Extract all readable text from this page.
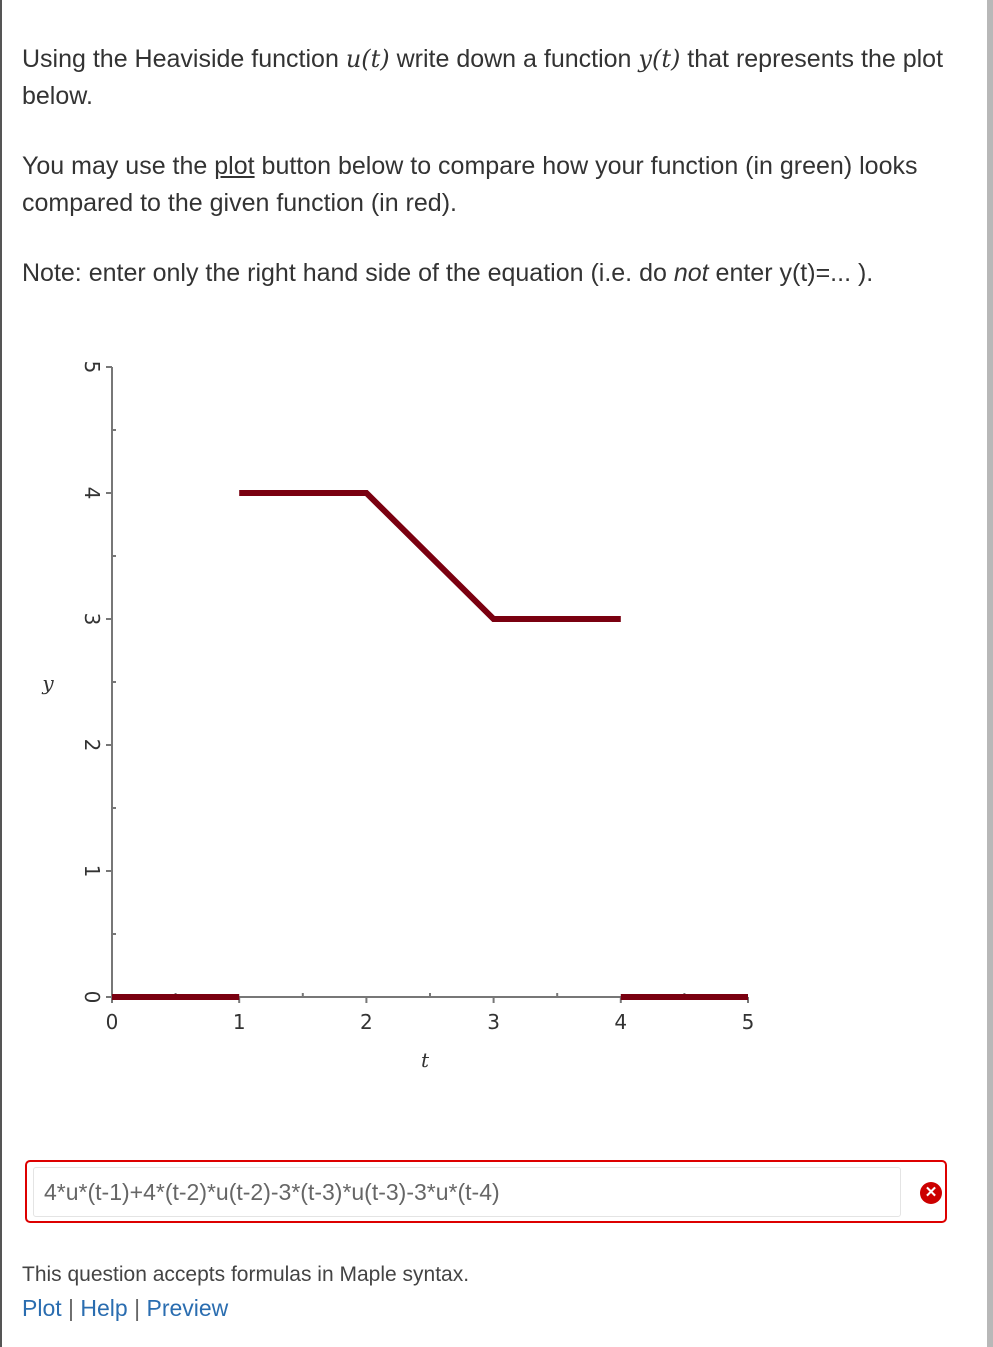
Using the Heaviside function u(t) write down a function y(t) that represents the plot below.

You may use the plot button below to compare how your function (in green) looks compared to the given function (in red).

Note: enter only the right hand side of the equation (i.e. do not enter y(t)=... ).

0
1
2
3
4
5
0	1	2	3	4	5
t
y
4*u*(t-1)+4*(t-2)*u(t-2)-3*(t-3)*u(t-3)-3*u*(t-4)
✕
This question accepts formulas in Maple syntax.
Plot | Help | Preview
